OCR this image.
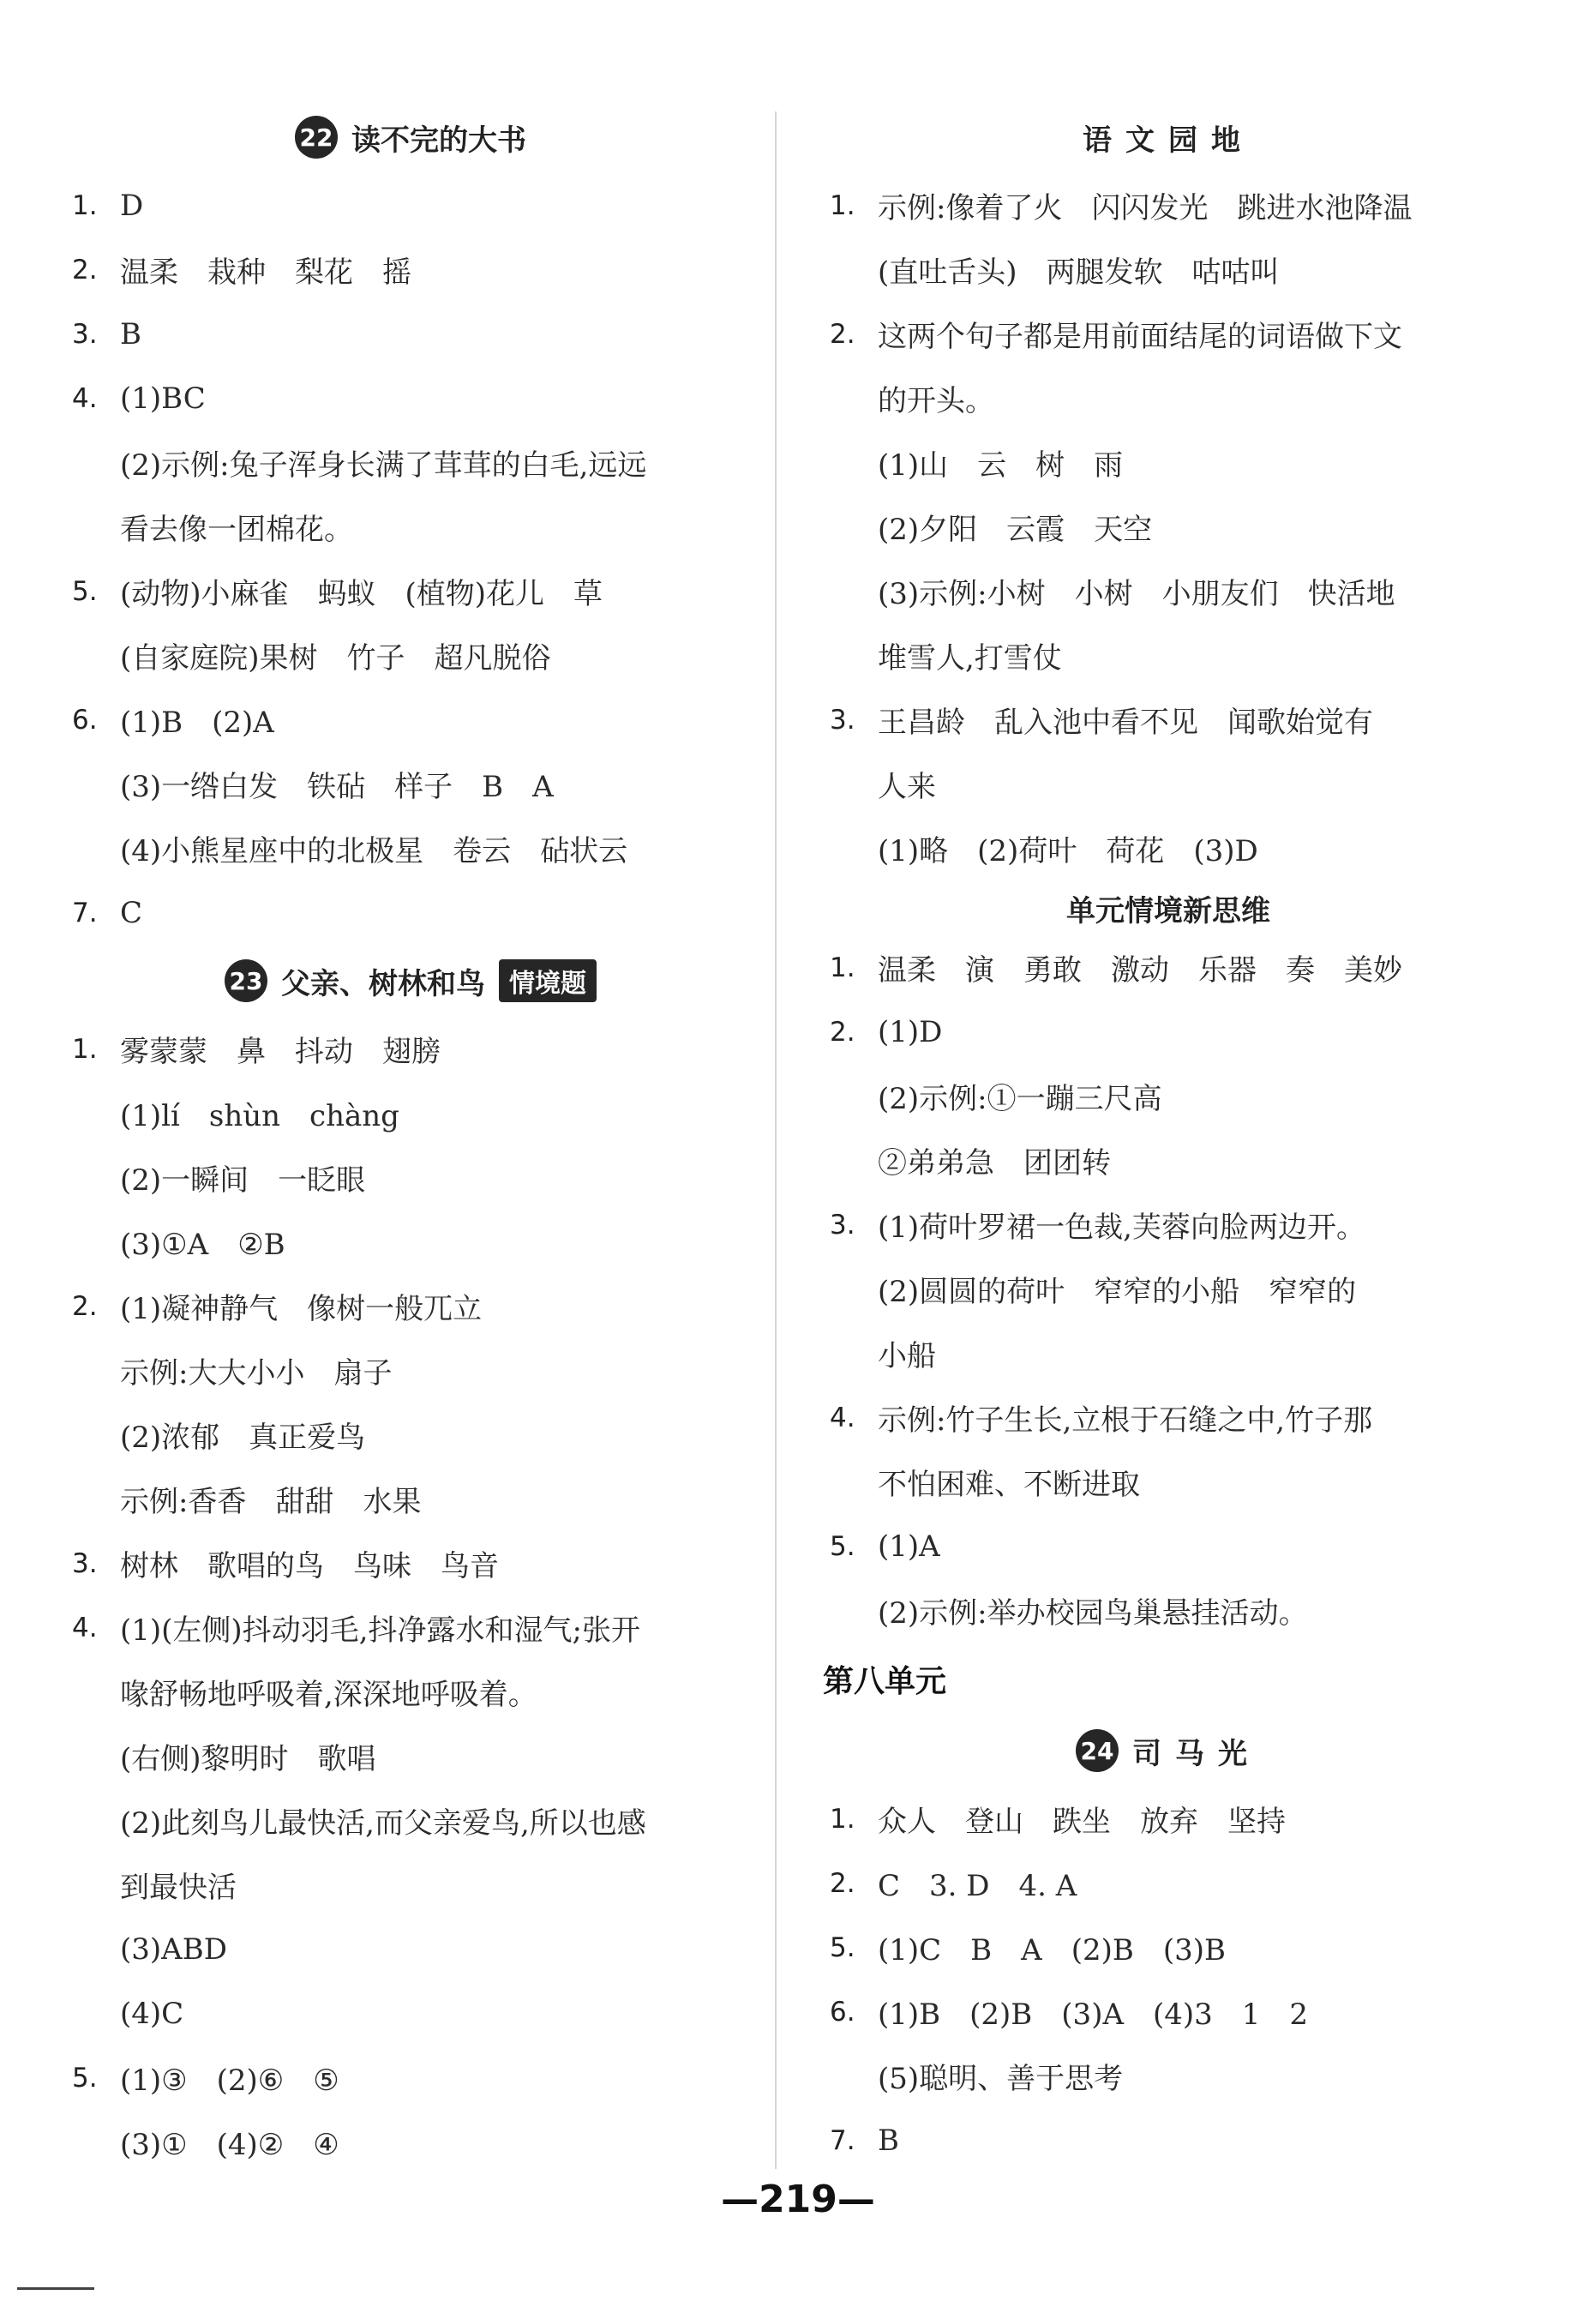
22 读不完的大书
1. D
2. 温柔　栽种　梨花　摇
3. B
4. (1)BC
(2)示例:兔子浑身长满了茸茸的白毛,远远
看去像一团棉花。
5. (动物)小麻雀　蚂蚁　(植物)花儿　草
(自家庭院)果树　竹子　超凡脱俗
6. (1)B　(2)A
(3)一绺白发　铁砧　样子　B　A
(4)小熊星座中的北极星　卷云　砧状云
7. C
23 父亲、树林和鸟 情境题
1. 雾蒙蒙　鼻　抖动　翅膀
(1)lí　shùn　chàng
(2)一瞬间　一眨眼
(3)①A　②B
2. (1)凝神静气　像树一般兀立
示例:大大小小　扇子
(2)浓郁　真正爱鸟
示例:香香　甜甜　水果
3. 树林　歌唱的鸟　鸟味　鸟音
4. (1)(左侧)抖动羽毛,抖净露水和湿气;张开
喙舒畅地呼吸着,深深地呼吸着。
(右侧)黎明时　歌唱
(2)此刻鸟儿最快活,而父亲爱鸟,所以也感
到最快活
(3)ABD
(4)C
5. (1)③　(2)⑥　⑤
(3)①　(4)②　④
语文园地
1. 示例:像着了火　闪闪发光　跳进水池降温
(直吐舌头)　两腿发软　咕咕叫
2. 这两个句子都是用前面结尾的词语做下文
的开头。
(1)山　云　树　雨
(2)夕阳　云霞　天空
(3)示例:小树　小树　小朋友们　快活地
堆雪人,打雪仗
3. 王昌龄　乱入池中看不见　闻歌始觉有
人来
(1)略　(2)荷叶　荷花　(3)D
单元情境新思维
1. 温柔　演　勇敢　激动　乐器　奏　美妙
2. (1)D
(2)示例:①一蹦三尺高
②弟弟急　团团转
3. (1)荷叶罗裙一色裁,芙蓉向脸两边开。
(2)圆圆的荷叶　窄窄的小船　窄窄的
小船
4. 示例:竹子生长,立根于石缝之中,竹子那
不怕困难、不断进取
5. (1)A
(2)示例:举办校园鸟巢悬挂活动。
第八单元
24 司马光
1. 众人　登山　跌坐　放弃　坚持
2. C　3. D　4. A
5. (1)C　B　A　(2)B　(3)B
6. (1)B　(2)B　(3)A　(4)3　1　2
(5)聪明、善于思考
7. B
—219—
